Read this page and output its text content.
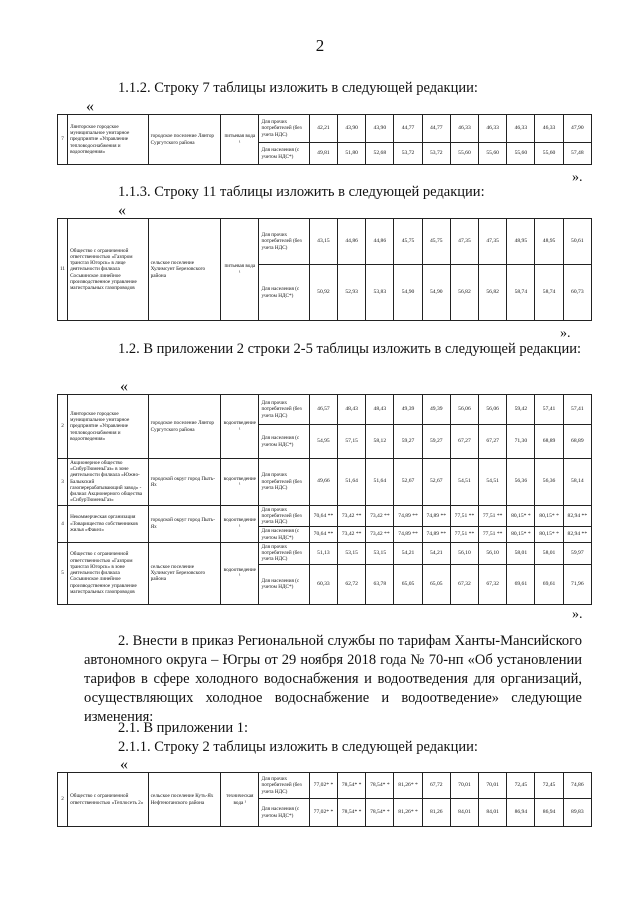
2
1.1.2. Строку 7 таблицы изложить в следующей редакции:
«
7	Лянторское городское муниципальное унитарное предприятие «Управление тепловодоснабжения и водоотведения»	городское поселение Лянтор Сургутского района	питьевая вода ¹	Для прочих потребителей (без учета НДС)	42,21	43,90	43,90	44,77	44,77	46,33	46,33	46,33	46,33	47,90
				Для населения (с учетом НДС*)	49,81	51,80	52,68	53,72	53,72	55,60	55,60	55,60	55,60	57,48
».
1.1.3. Строку 11 таблицы изложить в следующей редакции:
«
11	Общество с ограниченной ответственностью «Газпром трансгаз Югорск» в лице деятельности филиала Сосьвинское линейное производственное управление магистральных газопроводов	сельское поселение Хулимсунт Березовского района	питьевая вода ¹	Для прочих потребителей (без учета НДС)	43,15	44,86	44,86	45,75	45,75	47,35	47,35	48,95	48,95	50,61
				Для населения (с учетом НДС*)	50,92	52,93	53,83	54,90	54,90	56,82	56,82	58,74	58,74	60,73
».
1.2. В приложении 2 строки 2-5 таблицы изложить в следующей редакции:
«
2	Лянторское городское муниципальное унитарное предприятие «Управление тепловодоснабжения и водоотведения»	городское поселение Лянтор Сургутского района	водоотведение ¹	Для прочих потребителей (без учета НДС)	46,57	48,43	48,43	49,39	49,39	56,06	56,06	59,42	57,41	57,41
				Для населения (с учетом НДС*)	54,95	57,15	58,12	59,27	59,27	67,27	67,27	71,30	68,89	68,89
3	Акционерное общество «СибурТюменьГаз» в зоне деятельности филиала «Южно-Балыкский газоперерабатывающий завод» - филиал Акционерного общества «СибурТюменьГаз»	городской округ город Пыть-Ях	водоотведение ¹	Для прочих потребителей (без учета НДС)	49,66	51,64	51,64	52,67	52,67	54,51	54,51	56,36	56,36	58,14
4	Некоммерческая организация «Товарищество собственников жилья «Факел»	городской округ город Пыть-Ях	водоотведение ¹	Для прочих потребителей (без учета НДС)	70,64 **	73,42 **	73,42 **	74,89 **	74,89 **	77,51 **	77,51 **	80,15* *	80,15* *	82,94 **
				Для населения (с учетом НДС*)	70,64 **	73,42 **	73,42 **	74,89 **	74,89 **	77,51 **	77,51 **	80,15* *	80,15* *	82,94 **
5	Общество с ограниченной ответственностью «Газпром трансгаз Югорск» в зоне деятельности филиала Сосьвинское линейное производственное управление магистральных газопроводов	сельское поселение Хулимсунт Березовского района	водоотведение ¹	Для прочих потребителей (без учета НДС)	51,13	53,15	53,15	54,21	54,21	56,10	56,10	58,01	58,01	59,97
				Для населения (с учетом НДС*)	60,33	62,72	63,78	65,05	65,05	67,32	67,32	69,61	69,61	71,96
».
2. Внести в приказ Региональной службы по тарифам Ханты-Мансийского автономного округа – Югры от 29 ноября 2018 года № 70-нп «Об установлении тарифов в сфере холодного водоснабжения и водоотведения для организаций, осуществляющих холодное водоснабжение и водоотведение» следующие изменения:
2.1. В приложении 1:
2.1.1. Строку 2 таблицы изложить в следующей редакции:
«
2	Общество с ограниченной ответственностью «Теплосеть 2»	сельское поселение Куть-Ях Нефтеюганского района	техническая вода ¹	Для прочих потребителей (без учета НДС)	77,02* *	78,54* *	78,54* *	81,26* *	67,72	70,01	70,01	72,45	72,45	74,86
				Для населения (с учетом НДС*)	77,02* *	78,54* *	78,54* *	81,26* *	81,26	84,01	84,01	86,94	86,94	89,83
